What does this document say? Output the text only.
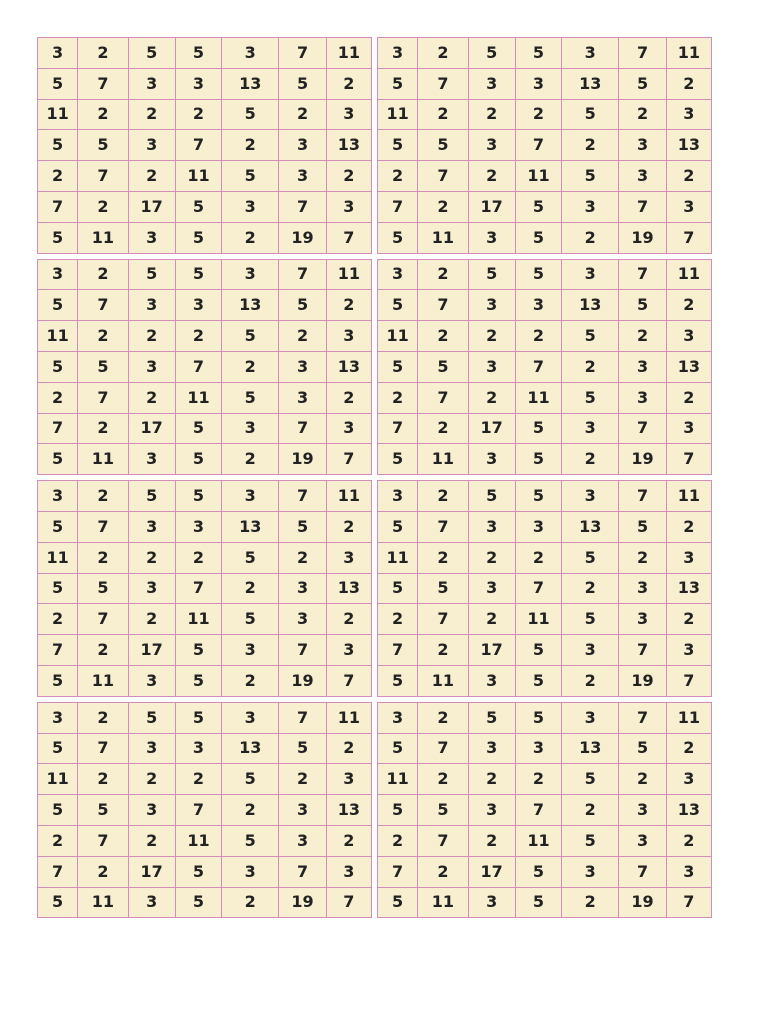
3	2	5	5	3	7	11
5	7	3	3	13	5	2
11	2	2	2	5	2	3
5	5	3	7	2	3	13
2	7	2	11	5	3	2
7	2	17	5	3	7	3
5	11	3	5	2	19	7
3	2	5	5	3	7	11
5	7	3	3	13	5	2
11	2	2	2	5	2	3
5	5	3	7	2	3	13
2	7	2	11	5	3	2
7	2	17	5	3	7	3
5	11	3	5	2	19	7
3	2	5	5	3	7	11
5	7	3	3	13	5	2
11	2	2	2	5	2	3
5	5	3	7	2	3	13
2	7	2	11	5	3	2
7	2	17	5	3	7	3
5	11	3	5	2	19	7
3	2	5	5	3	7	11
5	7	3	3	13	5	2
11	2	2	2	5	2	3
5	5	3	7	2	3	13
2	7	2	11	5	3	2
7	2	17	5	3	7	3
5	11	3	5	2	19	7
3	2	5	5	3	7	11
5	7	3	3	13	5	2
11	2	2	2	5	2	3
5	5	3	7	2	3	13
2	7	2	11	5	3	2
7	2	17	5	3	7	3
5	11	3	5	2	19	7
3	2	5	5	3	7	11
5	7	3	3	13	5	2
11	2	2	2	5	2	3
5	5	3	7	2	3	13
2	7	2	11	5	3	2
7	2	17	5	3	7	3
5	11	3	5	2	19	7
3	2	5	5	3	7	11
5	7	3	3	13	5	2
11	2	2	2	5	2	3
5	5	3	7	2	3	13
2	7	2	11	5	3	2
7	2	17	5	3	7	3
5	11	3	5	2	19	7
3	2	5	5	3	7	11
5	7	3	3	13	5	2
11	2	2	2	5	2	3
5	5	3	7	2	3	13
2	7	2	11	5	3	2
7	2	17	5	3	7	3
5	11	3	5	2	19	7
